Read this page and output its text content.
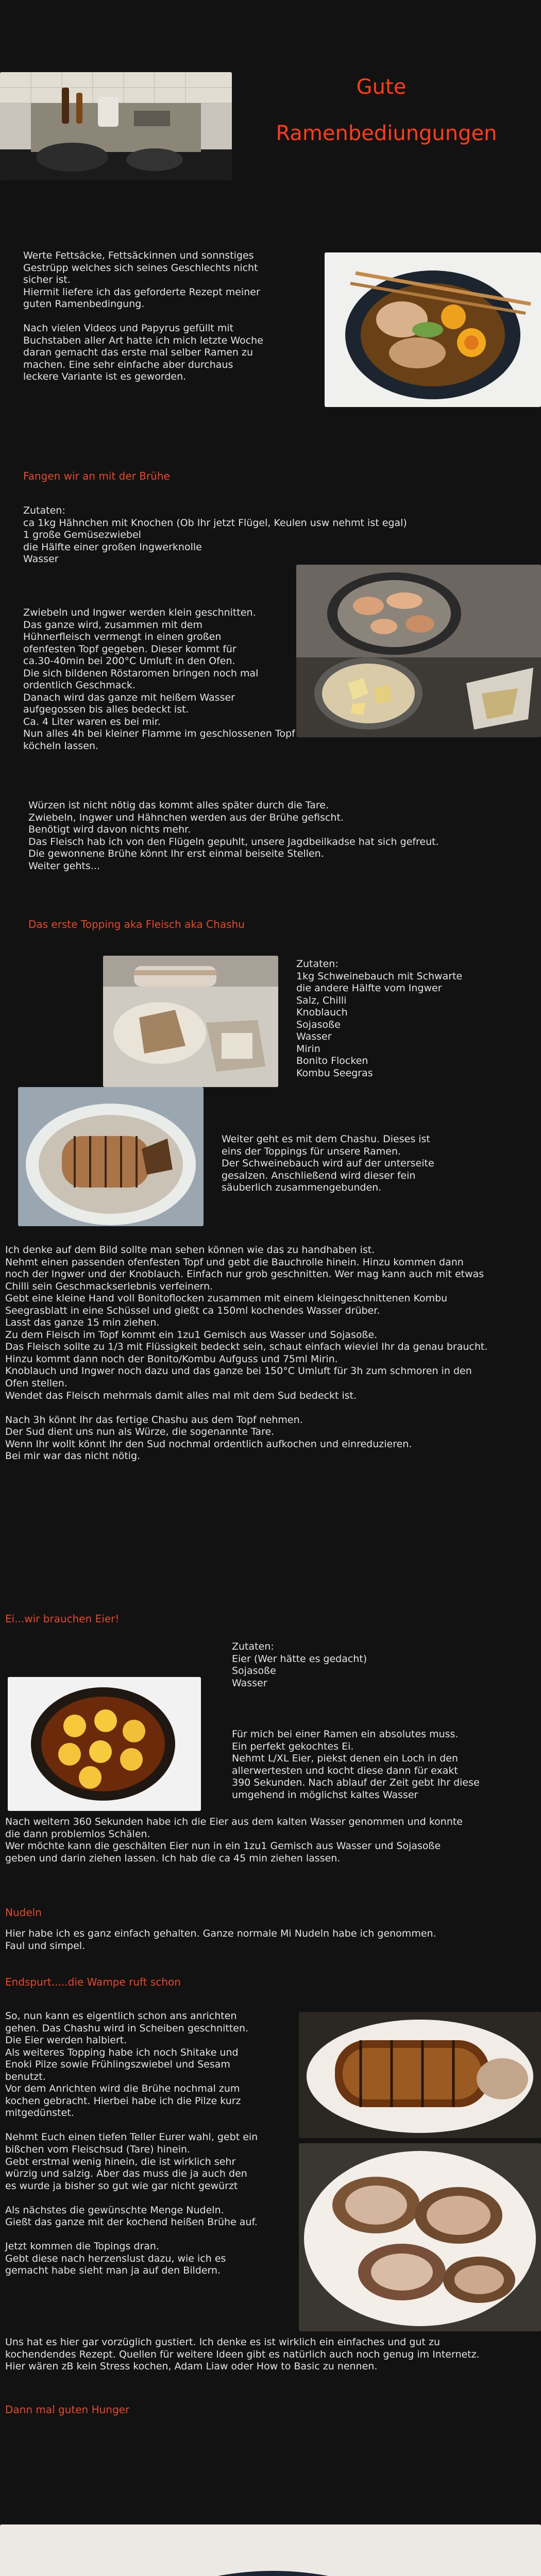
Gute
Ramenbediungungen
Werte Fettsäcke, Fettsäckinnen und sonnstiges
Gestrüpp welches sich seines Geschlechts nicht
sicher ist.
Hiermit liefere ich das geforderte Rezept meiner
guten Ramenbedingung.

Nach vielen Videos und Papyrus gefüllt mit
Buchstaben aller Art hatte ich mich letzte Woche
daran gemacht das erste mal selber Ramen zu
machen. Eine sehr einfache aber durchaus
leckere Variante ist es geworden.
Fangen wir an mit der Brühe
Zutaten:
ca 1kg Hähnchen mit Knochen (Ob Ihr jetzt Flügel, Keulen usw nehmt ist egal)
1 große Gemüsezwiebel
die Hälfte einer großen Ingwerknolle
Wasser
Zwiebeln und Ingwer werden klein geschnitten.
Das ganze wird, zusammen mit dem
Hühnerfleisch vermengt in einen großen
ofenfesten Topf gegeben. Dieser kommt für
ca.30-40min bei 200°C Umluft in den Ofen.
Die sich bildenen Röstaromen bringen noch mal
ordentlich Geschmack.
Danach wird das ganze mit heißem Wasser
aufgegossen bis alles bedeckt ist.
Ca. 4 Liter waren es bei mir.
Nun alles 4h bei kleiner Flamme im geschlossenen Topf köcheln lassen.
Würzen ist nicht nötig das kommt alles später durch die Tare.
Zwiebeln, Ingwer und Hähnchen werden aus der Brühe gefischt.
Benötigt wird davon nichts mehr.
Das Fleisch hab ich von den Flügeln gepuhlt, unsere Jagdbeilkadse hat sich gefreut.
Die gewonnene Brühe könnt Ihr erst einmal beiseite Stellen.
Weiter gehts...
Das erste Topping aka Fleisch aka Chashu
Zutaten:
1kg Schweinebauch mit Schwarte
die andere Hälfte vom Ingwer
Salz, Chilli
Knoblauch
Sojasoße
Wasser
Mirin
Bonito Flocken
Kombu Seegras
Weiter geht es mit dem Chashu. Dieses ist
eins der Toppings für unsere Ramen.
Der Schweinebauch wird auf der unterseite
gesalzen. Anschließend wird dieser fein
säuberlich zusammengebunden.
Ich denke auf dem Bild sollte man sehen können wie das zu handhaben ist.
Nehmt einen passenden ofenfesten Topf und gebt die Bauchrolle hinein. Hinzu kommen dann
noch der Ingwer und der Knoblauch. Einfach nur grob geschnitten. Wer mag kann auch mit etwas
Chilli sein Geschmackserlebnis verfeinern.
Gebt eine kleine Hand voll Bonitoflocken zusammen mit einem kleingeschnittenen Kombu
Seegrasblatt in eine Schüssel und gießt ca 150ml kochendes Wasser drüber.
Lasst das ganze 15 min ziehen.
Zu dem Fleisch im Topf kommt ein 1zu1 Gemisch aus Wasser und Sojasoße.
Das Fleisch sollte zu 1/3 mit Flüssigkeit bedeckt sein, schaut einfach wieviel Ihr da genau braucht.
Hinzu kommt dann noch der Bonito/Kombu Aufguss und 75ml Mirin.
Knoblauch und Ingwer noch dazu und das ganze bei 150°C Umluft für 3h zum schmoren in den
Ofen stellen.
Wendet das Fleisch mehrmals damit alles mal mit dem Sud bedeckt ist.

Nach 3h könnt Ihr das fertige Chashu aus dem Topf nehmen.
Der Sud dient uns nun als Würze, die sogenannte Tare.
Wenn Ihr wollt könnt Ihr den Sud nochmal ordentlich aufkochen und einreduzieren.
Bei mir war das nicht nötig.
Ei...wir brauchen Eier!
Zutaten:
Eier (Wer hätte es gedacht)
Sojasoße
Wasser
Für mich bei einer Ramen ein absolutes muss.
Ein perfekt gekochtes Ei.
Nehmt L/XL Eier, piekst denen ein Loch in den
allerwertesten und kocht diese dann für exakt
390 Sekunden. Nach ablauf der Zeit gebt Ihr diese
umgehend in möglichst kaltes Wasser
Nach weitern 360 Sekunden habe ich die Eier aus dem kalten Wasser genommen und konnte
die dann problemlos Schälen.
Wer möchte kann die geschälten Eier nun in ein 1zu1 Gemisch aus Wasser und Sojasoße
geben und darin ziehen lassen. Ich hab die ca 45 min ziehen lassen.
Nudeln
Hier habe ich es ganz einfach gehalten. Ganze normale Mi Nudeln habe ich genommen.
Faul und simpel.
Endspurt.....die Wampe ruft schon
So, nun kann es eigentlich schon ans anrichten
gehen. Das Chashu wird in Scheiben geschnitten.
Die Eier werden halbiert.
Als weiteres Topping habe ich noch Shitake und
Enoki Pilze sowie Frühlingszwiebel und Sesam
benutzt.
Vor dem Anrichten wird die Brühe nochmal zum
kochen gebracht. Hierbei habe ich die Pilze kurz
mitgedünstet.

Nehmt Euch einen tiefen Teller Eurer wahl, gebt ein
bißchen vom Fleischsud (Tare) hinein.
Gebt erstmal wenig hinein, die ist wirklich sehr
würzig und salzig. Aber das muss die ja auch den
es wurde ja bisher so gut wie gar nicht gewürzt

Als nächstes die gewünschte Menge Nudeln.
Gießt das ganze mit der kochend heißen Brühe auf.

Jetzt kommen die Topings dran.
Gebt diese nach herzenslust dazu, wie ich es
gemacht habe sieht man ja auf den Bildern.
Uns hat es hier gar vorzüglich gustiert. Ich denke es ist wirklich ein einfaches und gut zu
kochendendes Rezept. Quellen für weitere Ideen gibt es natürlich auch noch genug im Internetz.
Hier wären zB kein Stress kochen, Adam Liaw oder How to Basic zu nennen.
Dann mal guten Hunger
